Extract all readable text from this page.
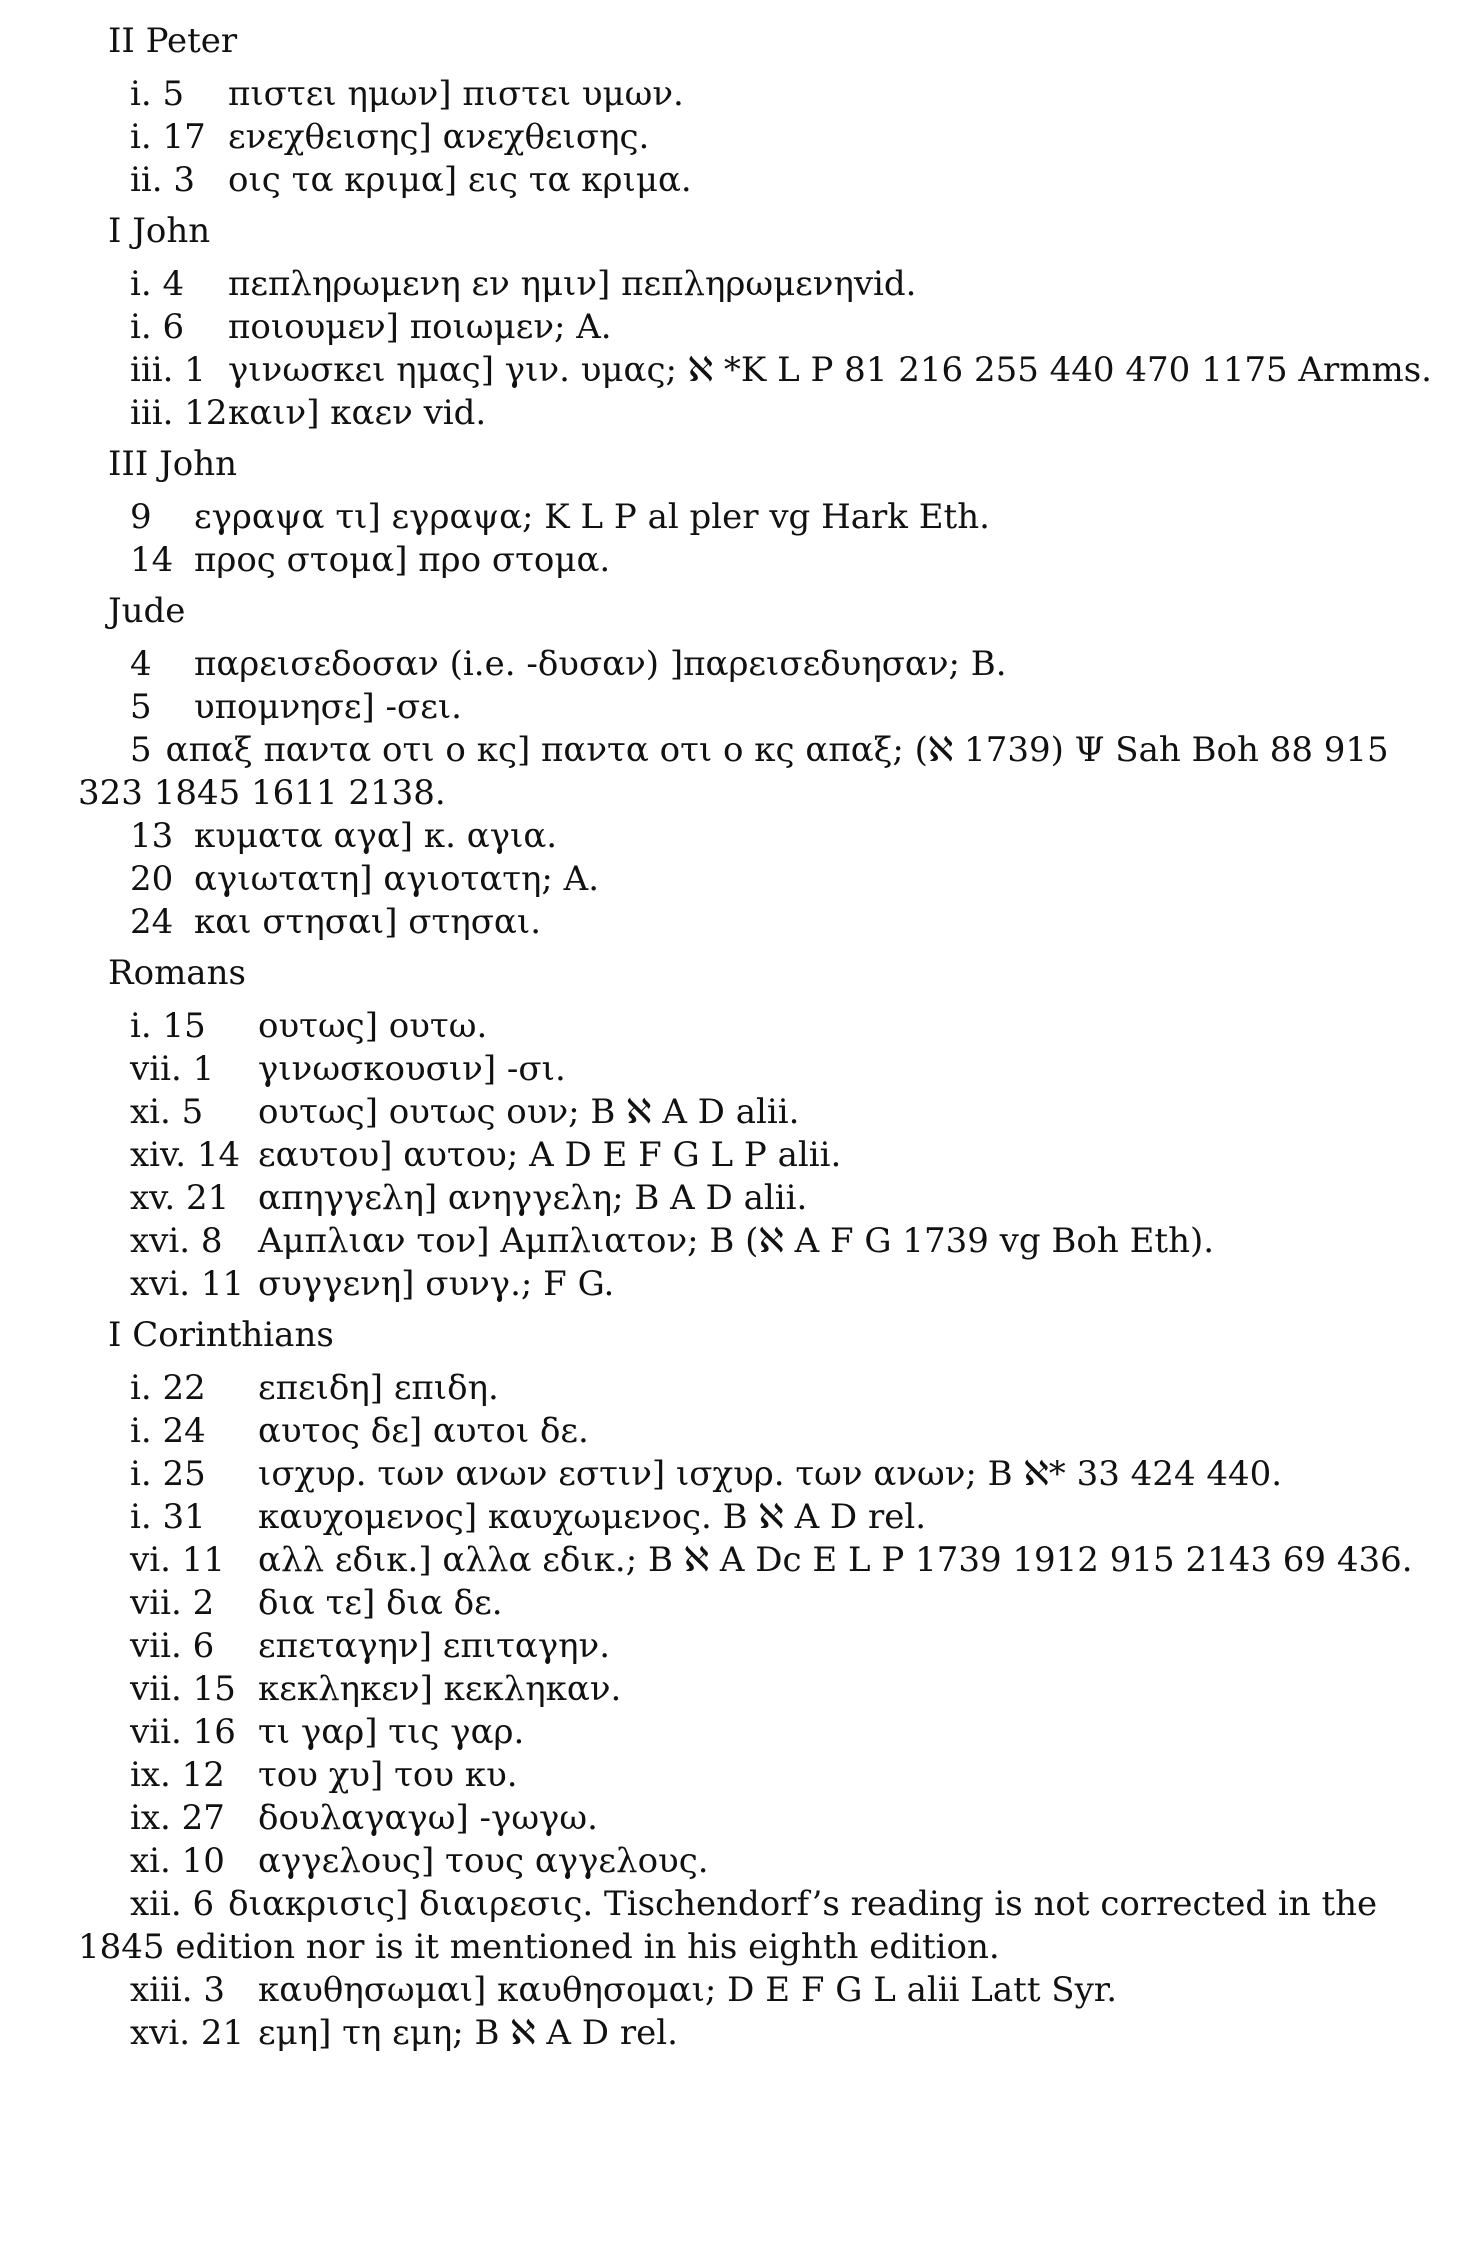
II Peter
i. 5	πιστει ημων] πιστει υμων.
i. 17 ενεχθεισης] ανεχθεισης.
ii. 3 οις τα κριμα] εις τα κριμα.
I John
i. 4	πεπληρωμενη εν ημιν] πεπληρωμενηvid.
i. 6	ποιουμεν] ποιωμεν; A.
iii. 1 γινωσκει ημας] γιν. υμας; ℵ *K L P 81 216 255 440 470 1175 Armms.
iii. 12 καιν] καεν vid.
III John
9	εγραψα τι] εγραψα; K L P al pler vg Hark Eth.
14 προς στομα] προ στομα.
Jude
4	παρεισεδοσαν (i.e. -δυσαν) ]παρεισεδυησαν; B.
5	υπομνησε] -σει.
5 απαξ παντα οτι ο κς] παντα οτι ο κς απαξ; (ℵ 1739) Ψ Sah Boh 88 915 323 1845 1611 2138.
13 κυματα αγα] κ. αγια.
20 αγιωτατη] αγιοτατη; A.
24 και στησαι] στησαι.
Romans
i. 15	ουτως] ουτω.
vii. 1	γινωσκουσιν] -σι.
xi. 5	ουτως] ουτως ουν; B ℵ A D alii.
xiv. 14 εαυτου] αυτου; A D E F G L P alii.
xv. 21 απηγγελη] ανηγγελη; B A D alii.
xvi. 8	Αμπλιαν τον] Αμπλιατον; B (ℵ A F G 1739 vg Boh Eth).
xvi. 11 συγγενη] συνγ.; F G.
I Corinthians
i. 22	επειδη] επιδη.
i. 24	αυτος δε] αυτοι δε.
i. 25	ισχυρ. των ανων εστιν] ισχυρ. των ανων; B ℵ* 33 424 440.
i. 31	καυχομενος] καυχωμενος. B ℵ A D rel.
vi. 11 αλλ εδικ.] αλλα εδικ.; B ℵ A Dc E L P 1739 1912 915 2143 69 436.
vii. 2	δια τε] δια δε.
vii. 6	επεταγην] επιταγην.
vii. 15 κεκληκεν] κεκληκαν.
vii. 16 τι γαρ] τις γαρ.
ix. 12 του χυ] του κυ.
ix. 27 δουλαγαγω] -γωγω.
xi. 10 αγγελους] τους αγγελους.
xii. 6 διακρισις] διαιρεσις. Tischendorf’s reading is not corrected in the 1845 edition nor is it mentioned in his eighth edition.
xiii. 3 καυθησωμαι] καυθησομαι; D E F G L alii Latt Syr.
xvi. 21 εμη] τη εμη; B ℵ A D rel.
